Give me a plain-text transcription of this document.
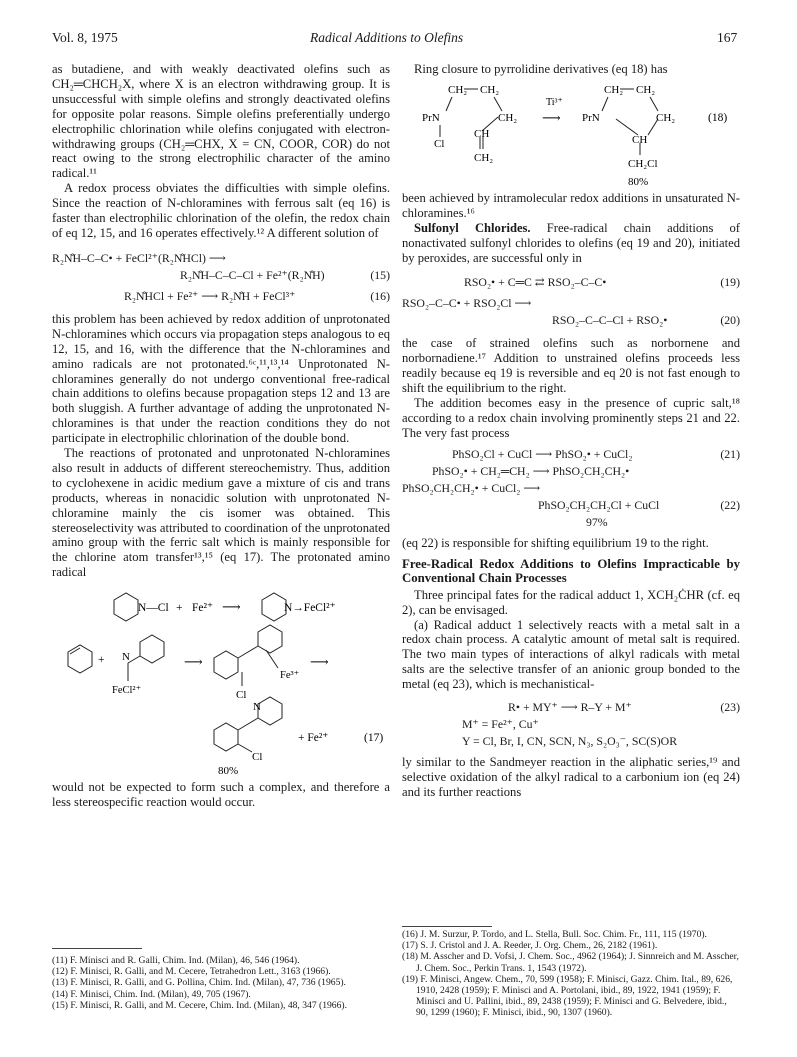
Vol. 8, 1975	Radical Additions to Olefins	167

as butadiene, and with weakly deactivated olefins such as CH₂═CHCH₂X, where X is an electron withdrawing group. It is unsuccessful with simple olefins and strongly deactivated olefins for opposite polar reasons. Simple olefins preferentially undergo electrophilic chlorination while olefins conjugated with electron-withdrawing groups (CH₂═CHX, X = CN, COOR, COR) do not react owing to the strong electrophilic character of the amino radical.¹¹

A redox process obviates the difficulties with simple olefins. Since the reaction of N-chloramines with ferrous salt (eq 16) is faster than electrophilic chlorination of the olefin, the redox chain of eq 12, 15, and 16 operates effectively.¹² A different solution of

R₂N̊H–C–C• + FeCl²⁺(R₂N̊HCl) ⟶
R₂N̊H–C–C–Cl + Fe²⁺(R₂N̊H)	(15)
R₂N̊HCl + Fe²⁺ ⟶ R₂N̊H + FeCl³⁺	(16)

this problem has been achieved by redox addition of unprotonated N-chloramines which occurs via propagation steps analogous to eq 12, 15, and 16, with the difference that the N-chloramines and amino radicals are not protonated.⁶ᶜ,¹¹,¹³,¹⁴ Unprotonated N-chloramines generally do not undergo conventional free-radical chain additions to olefins because propagation steps 12 and 13 are both sluggish. A further advantage of adding the unprotonated N-chloramines is that under the reaction conditions they do not participate in electrophilic chlorination of the double bond.

The reactions of protonated and unprotonated N-chloramines also result in adducts of different stereochemistry. Thus, addition to cyclohexene in acidic medium gave a mixture of cis and trans products, whereas in nonacidic solution with unprotonated N-chloramine mainly the cis isomer was obtained. This stereoselectivity was attributed to coordination of the unprotonated amino group with the ferric salt which is mainly responsible for the chlorine atom transfer¹³,¹⁵ (eq 17). The protonated amino radical

N—Cl + Fe²⁺ ⟶	N→FeCl²⁺
+ N
FeCl²⁺
⟶
Fe³⁺
Cl
⟶
N
Cl
+ Fe²⁺	(17)
80%

would not be expected to form such a complex, and therefore a less stereospecific reaction would occur.

(11) F. Minisci and R. Galli, Chim. Ind. (Milan), 46, 546 (1964).
(12) F. Minisci, R. Galli, and M. Cecere, Tetrahedron Lett., 3163 (1966).
(13) F. Minisci, R. Galli, and G. Pollina, Chim. Ind. (Milan), 47, 736 (1965).
(14) F. Minisci, Chim. Ind. (Milan), 49, 705 (1967).
(15) F. Minisci, R. Galli, and M. Cecere, Chim. Ind. (Milan), 48, 347 (1966).

Ring closure to pyrrolidine derivatives (eq 18) has

CH₂ CH₂
PrN	CH₂
Cl
CH
CH₂
Ti³⁺
⟶
CH₂ CH₂
PrN	CH₂
CH
CH₂Cl
(18)
80%

been achieved by intramolecular redox additions in unsaturated N-chloramines.¹⁶

Sulfonyl Chlorides. Free-radical chain additions of nonactivated sulfonyl chlorides to olefins (eq 19 and 20), initiated by peroxides, are successful only in

RSO₂• + C═C ⇄ RSO₂–C–C•	(19)
RSO₂–C–C• + RSO₂Cl ⟶
RSO₂–C–C–Cl + RSO₂•	(20)

the case of strained olefins such as norbornene and norbornadiene.¹⁷ Addition to unstrained olefins proceeds less readily because eq 19 is reversible and eq 20 is not fast enough to shift the equilibrium to the right.

The addition becomes easy in the presence of cupric salt,¹⁸ according to a redox chain involving prominently steps 21 and 22. The very fast process

PhSO₂Cl + CuCl ⟶ PhSO₂• + CuCl₂	(21)
PhSO₂• + CH₂═CH₂ ⟶ PhSO₂CH₂CH₂•
PhSO₂CH₂CH₂• + CuCl₂ ⟶
PhSO₂CH₂CH₂Cl + CuCl	(22)
97%

(eq 22) is responsible for shifting equilibrium 19 to the right.

Free-Radical Redox Additions to Olefins Impracticable by Conventional Chain Processes

Three principal fates for the radical adduct 1, XCH₂ĊHR (cf. eq 2), can be envisaged.

(a) Radical adduct 1 selectively reacts with a metal salt in a redox chain process. A catalytic amount of metal salt is required. The two main types of interactions of alkyl radicals with metal salts are the selective transfer of an anionic group bonded to the metal (eq 23), which is mechanistical-

R• + MY⁺ ⟶ R–Y + M⁺	(23)
M⁺ = Fe²⁺, Cu⁺
Y = Cl, Br, I, CN, SCN, N₃, S₂O₃⁻, SC(S)OR

ly similar to the Sandmeyer reaction in the aliphatic series,¹⁹ and selective oxidation of the alkyl radical to a carbonium ion (eq 24) and its further reactions

(16) J. M. Surzur, P. Tordo, and L. Stella, Bull. Soc. Chim. Fr., 111, 115 (1970).
(17) S. J. Cristol and J. A. Reeder, J. Org. Chem., 26, 2182 (1961).
(18) M. Asscher and D. Vofsi, J. Chem. Soc., 4962 (1964); J. Sinnreich and M. Asscher, J. Chem. Soc., Perkin Trans. 1, 1543 (1972).
(19) F. Minisci, Angew. Chem., 70, 599 (1958); F. Minisci, Gazz. Chim. Ital., 89, 626, 1910, 2428 (1959); F. Minisci and A. Portolani, ibid., 89, 1922, 1941 (1959); F. Minisci and U. Pallini, ibid., 89, 2438 (1959); F. Minisci and G. Belvedere, ibid., 90, 1299 (1960); F. Minisci, ibid., 90, 1307 (1960).
